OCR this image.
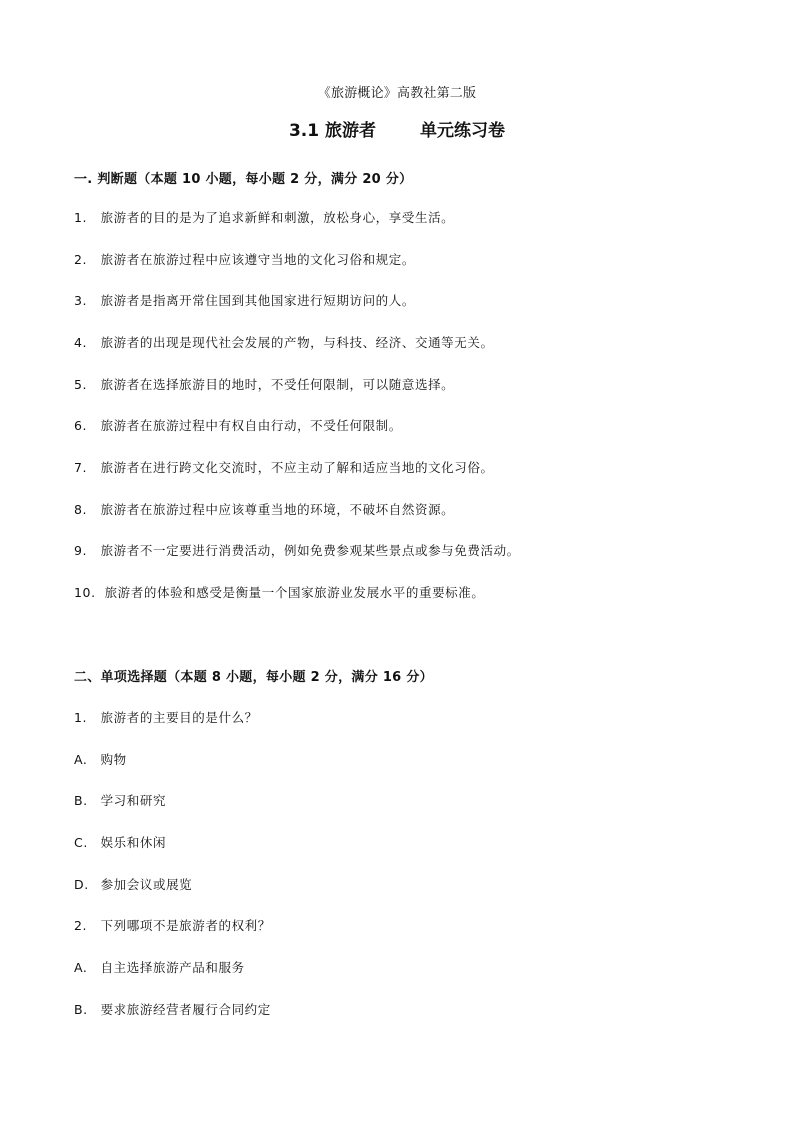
《旅游概论》高教社第二版
3.1 旅游者	单元练习卷
一. 判断题（本题 10 小题，每小题 2 分，满分 20 分）
1. 旅游者的目的是为了追求新鲜和刺激，放松身心，享受生活。
2. 旅游者在旅游过程中应该遵守当地的文化习俗和规定。
3. 旅游者是指离开常住国到其他国家进行短期访问的人。
4. 旅游者的出现是现代社会发展的产物，与科技、经济、交通等无关。
5. 旅游者在选择旅游目的地时，不受任何限制，可以随意选择。
6. 旅游者在旅游过程中有权自由行动，不受任何限制。
7. 旅游者在进行跨文化交流时，不应主动了解和适应当地的文化习俗。
8. 旅游者在旅游过程中应该尊重当地的环境，不破坏自然资源。
9. 旅游者不一定要进行消费活动，例如免费参观某些景点或参与免费活动。
10. 旅游者的体验和感受是衡量一个国家旅游业发展水平的重要标准。
二、单项选择题（本题 8 小题，每小题 2 分，满分 16 分）
1. 旅游者的主要目的是什么？
A. 购物
B. 学习和研究
C. 娱乐和休闲
D. 参加会议或展览
2. 下列哪项不是旅游者的权利？
A. 自主选择旅游产品和服务
B. 要求旅游经营者履行合同约定
